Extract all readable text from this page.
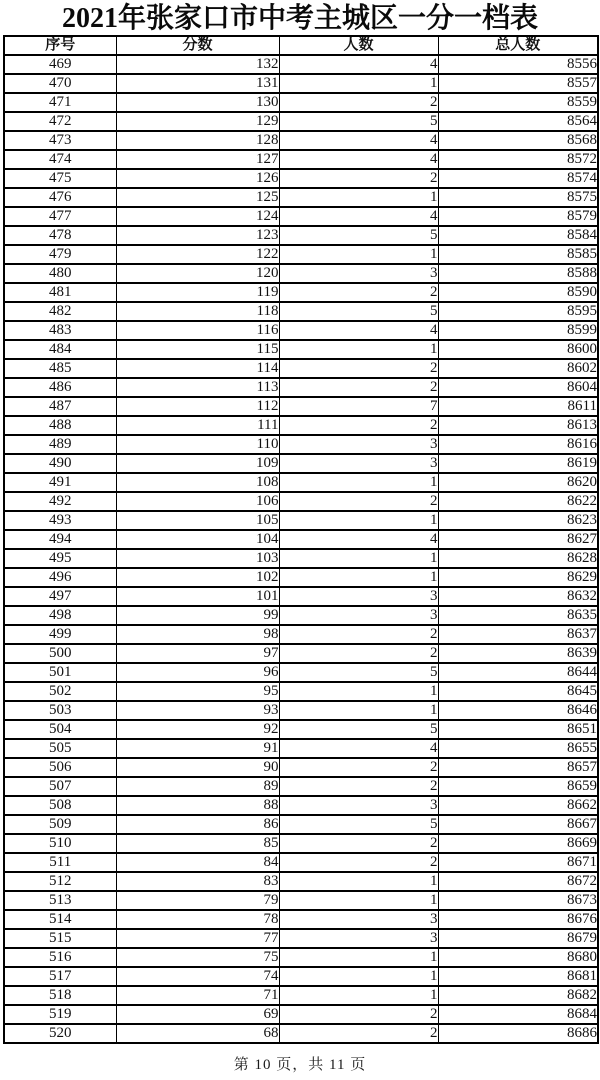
2021年张家口市中考主城区一分一档表
序号	分数	人数	总人数
469	132	4	8556
470	131	1	8557
471	130	2	8559
472	129	5	8564
473	128	4	8568
474	127	4	8572
475	126	2	8574
476	125	1	8575
477	124	4	8579
478	123	5	8584
479	122	1	8585
480	120	3	8588
481	119	2	8590
482	118	5	8595
483	116	4	8599
484	115	1	8600
485	114	2	8602
486	113	2	8604
487	112	7	8611
488	111	2	8613
489	110	3	8616
490	109	3	8619
491	108	1	8620
492	106	2	8622
493	105	1	8623
494	104	4	8627
495	103	1	8628
496	102	1	8629
497	101	3	8632
498	99	3	8635
499	98	2	8637
500	97	2	8639
501	96	5	8644
502	95	1	8645
503	93	1	8646
504	92	5	8651
505	91	4	8655
506	90	2	8657
507	89	2	8659
508	88	3	8662
509	86	5	8667
510	85	2	8669
511	84	2	8671
512	83	1	8672
513	79	1	8673
514	78	3	8676
515	77	3	8679
516	75	1	8680
517	74	1	8681
518	71	1	8682
519	69	2	8684
520	68	2	8686
第 10 页，共 11 页
